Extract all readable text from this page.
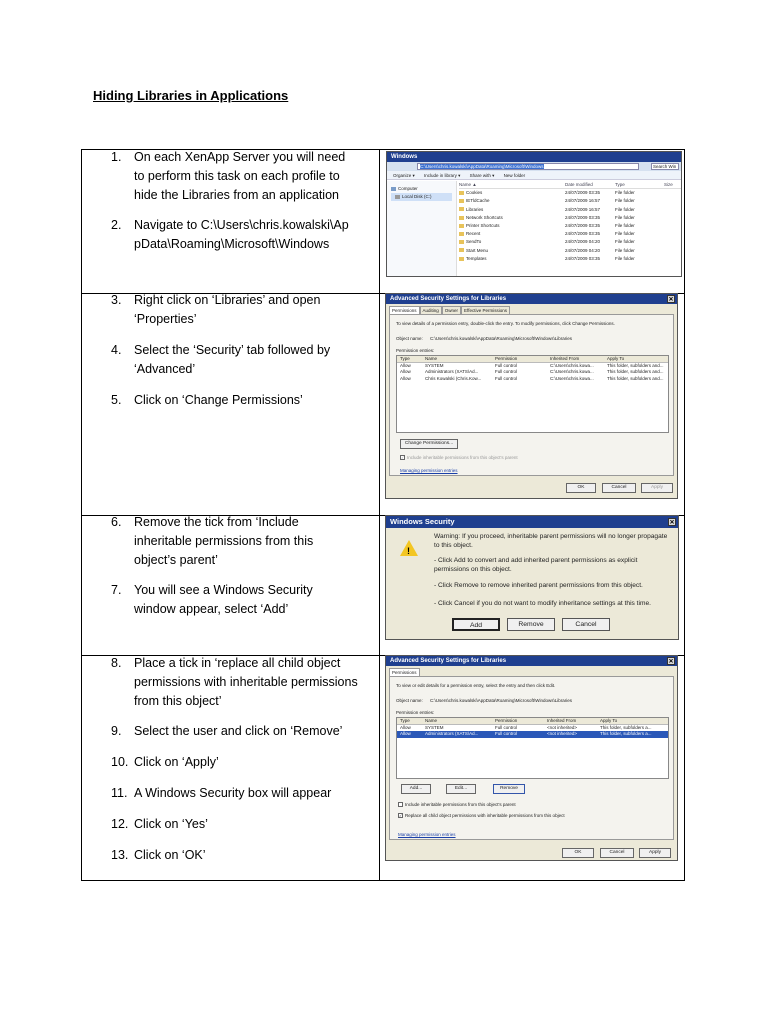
Hiding Libraries in Applications
1.	On each XenApp Server you will need to perform this task on each profile to hide the Libraries from an application
2.	Navigate to C:\Users\chris.kowalski\AppData\Roaming\Microsoft\Windows
3.	Right click on ‘Libraries’ and open ‘Properties’
4.	Select the ‘Security’ tab followed by ‘Advanced’
5.	Click on ‘Change Permissions’
6.	Remove the tick from ‘Include inheritable permissions from this object’s parent’
7.	You will see a Windows Security window appear, select ‘Add’
8.	Place a tick in ‘replace all child object permissions with inheritable permissions from this object’
9.	Select the user and click on ‘Remove’
10. Click on ‘Apply’
11. A Windows Security box will appear
12. Click on ‘Yes’
13. Click on ‘OK’
Windows
C:\Users\chris.kowalski\AppData\Roaming\Microsoft\Windows	Search Win
Organize ▾ Include in library ▾ Share with ▾ New folder
Computer
Local Disk (C:)
Name ▲	Date modified	Type	Size
Cookies	24/07/2009 03:35	File folder
IETldCache	24/07/2009 16:57	File folder
Libraries	24/07/2009 16:57	File folder
Network Shortcuts	24/07/2009 03:35	File folder
Printer Shortcuts	24/07/2009 03:35	File folder
Recent	24/07/2009 03:35	File folder
SendTo	24/07/2009 04:20	File folder
Start Menu	24/07/2009 04:20	File folder
Templates	24/07/2009 03:35	File folder
Advanced Security Settings for Libraries	✕
Permissions Auditing Owner Effective Permissions
To view details of a permission entry, double-click the entry. To modify permissions, click Change Permissions.
Object name: C:\Users\chris.kowalski\AppData\Roaming\Microsoft\Windows\Libraries
Permission entries:
Type	Name	Permission	Inherited From	Apply To
Allow	SYSTEM	Full control	C:\Users\chris.kowa...	This folder, subfolders and...
Allow	Administrators (XATS\Ad...	Full control	C:\Users\chris.kowa...	This folder, subfolders and...
Allow	Chris Kowalski (Chris.Kow...	Full control	C:\Users\chris.kowa...	This folder, subfolders and...
Change Permissions...
✓ Include inheritable permissions from this object's parent
Managing permission entries
OK	Cancel	Apply
Windows Security	✕
!
Warning: If you proceed, inheritable parent permissions will no longer propagate to this object.
- Click Add to convert and add inherited parent permissions as explicit permissions on this object.
- Click Remove to remove inherited parent permissions from this object.
- Click Cancel if you do not want to modify inheritance settings at this time.
Add	Remove	Cancel
Advanced Security Settings for Libraries	✕
Permissions
To view or edit details for a permission entry, select the entry and then click Edit.
Object name: C:\Users\chris.kowalski\AppData\Roaming\Microsoft\Windows\Libraries
Permission entries:
Type	Name	Permission	Inherited From	Apply To
Allow	SYSTEM	Full control	<not inherited>	This folder, subfolders a...
Allow	Administrators (XATS\Ad...	Full control	<not inherited>	This folder, subfolders a...
Add...	Edit...	Remove
Include inheritable permissions from this object's parent
✓ Replace all child object permissions with inheritable permissions from this object
Managing permission entries
OK	Cancel	Apply
